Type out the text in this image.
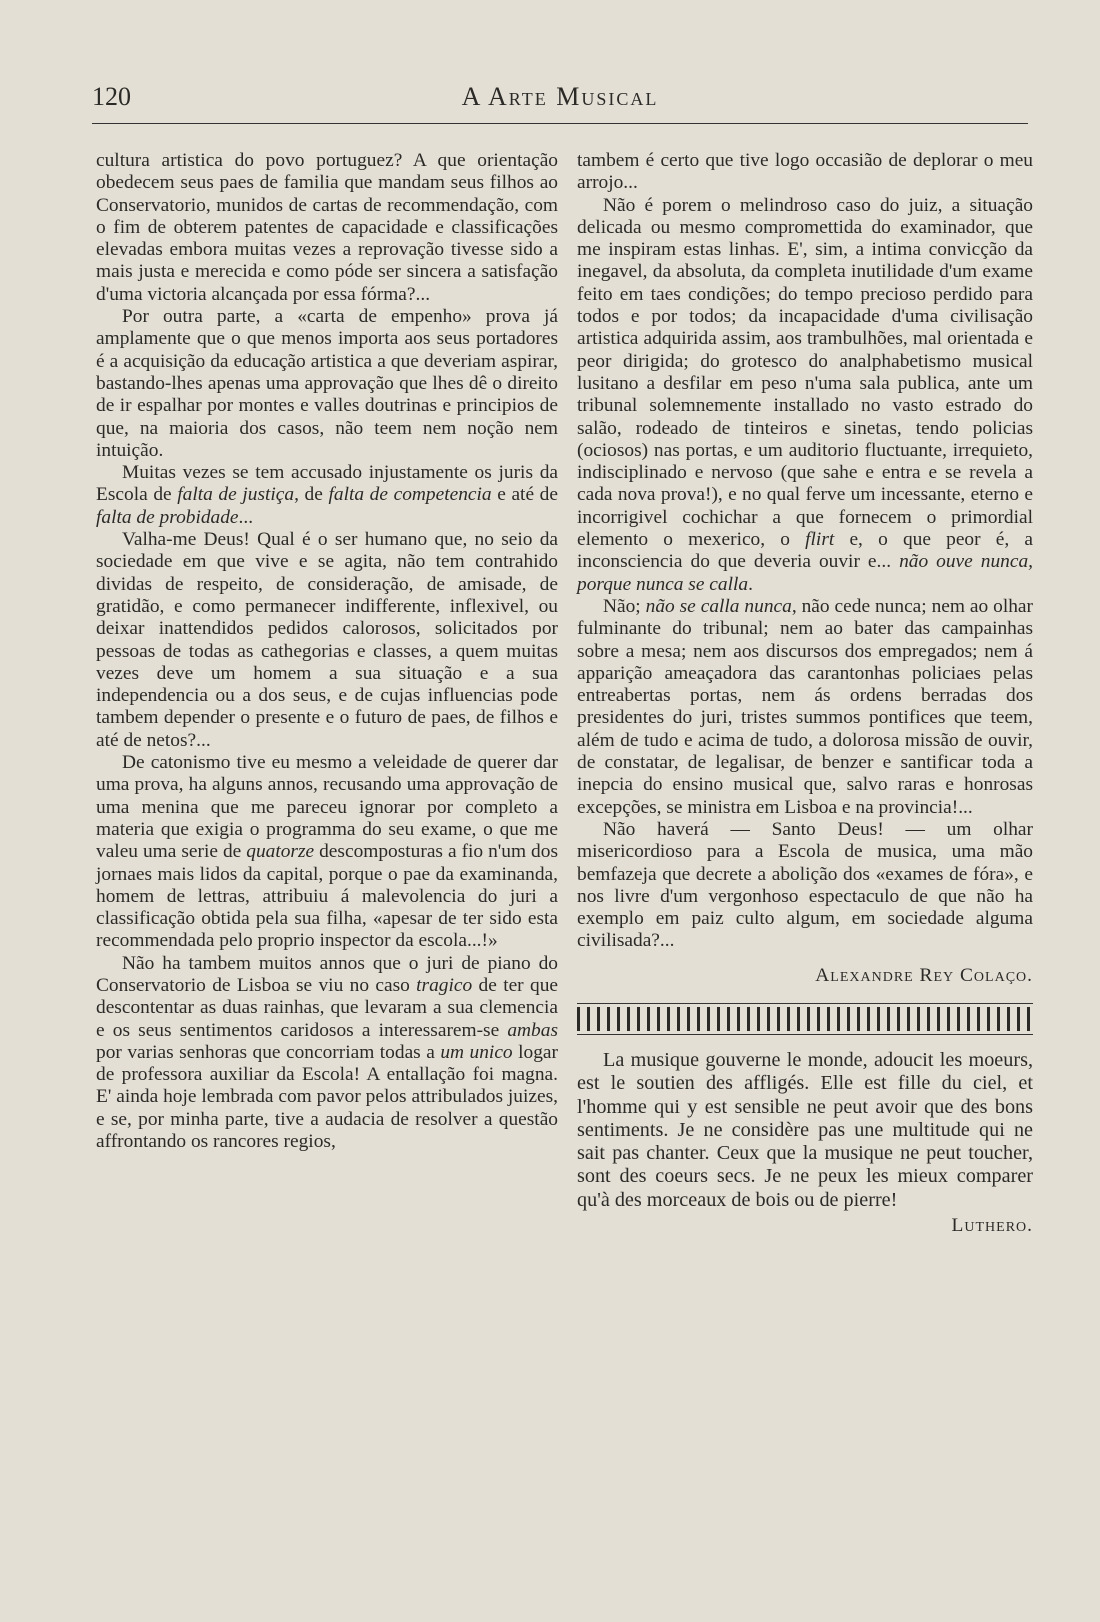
120	A Arte Musical

cultura artistica do povo portuguez? A que orientação obedecem seus paes de familia que mandam seus filhos ao Conservatorio, munidos de cartas de recommendação, com o fim de obterem patentes de capacidade e classificações elevadas embora muitas vezes a reprovação tivesse sido a mais justa e merecida e como póde ser sincera a satisfação d'uma victoria alcançada por essa fórma?...

Por outra parte, a «carta de empenho» prova já amplamente que o que menos importa aos seus portadores é a acquisição da educação artistica a que deveriam aspirar, bastando-lhes apenas uma approvação que lhes dê o direito de ir espalhar por montes e valles doutrinas e principios de que, na maioria dos casos, não teem nem noção nem intuição.

Muitas vezes se tem accusado injustamente os juris da Escola de falta de justiça, de falta de competencia e até de falta de probidade...

Valha-me Deus! Qual é o ser humano que, no seio da sociedade em que vive e se agita, não tem contrahido dividas de respeito, de consideração, de amisade, de gratidão, e como permanecer indifferente, inflexivel, ou deixar inattendidos pedidos calorosos, solicitados por pessoas de todas as cathegorias e classes, a quem muitas vezes deve um homem a sua situação e a sua independencia ou a dos seus, e de cujas influencias pode tambem depender o presente e o futuro de paes, de filhos e até de netos?...

De catonismo tive eu mesmo a veleidade de querer dar uma prova, ha alguns annos, recusando uma approvação de uma menina que me pareceu ignorar por completo a materia que exigia o programma do seu exame, o que me valeu uma serie de quatorze descomposturas a fio n'um dos jornaes mais lidos da capital, porque o pae da examinanda, homem de lettras, attribuiu á malevolencia do juri a classificação obtida pela sua filha, «apesar de ter sido esta recommendada pelo proprio inspector da escola...!»

Não ha tambem muitos annos que o juri de piano do Conservatorio de Lisboa se viu no caso tragico de ter que descontentar as duas rainhas, que levaram a sua clemencia e os seus sentimentos caridosos a interessarem-se ambas por varias senhoras que concorriam todas a um unico logar de professora auxiliar da Escola! A entallação foi magna. E' ainda hoje lembrada com pavor pelos attribulados juizes, e se, por minha parte, tive a audacia de resolver a questão affrontando os rancores regios,

tambem é certo que tive logo occasião de deplorar o meu arrojo...

Não é porem o melindroso caso do juiz, a situação delicada ou mesmo compromettida do examinador, que me inspiram estas linhas. E', sim, a intima convicção da inegavel, da absoluta, da completa inutilidade d'um exame feito em taes condições; do tempo precioso perdido para todos e por todos; da incapacidade d'uma civilisação artistica adquirida assim, aos trambulhões, mal orientada e peor dirigida; do grotesco do analphabetismo musical lusitano a desfilar em peso n'uma sala publica, ante um tribunal solemnemente installado no vasto estrado do salão, rodeado de tinteiros e sinetas, tendo policias (ociosos) nas portas, e um auditorio fluctuante, irrequieto, indisciplinado e nervoso (que sahe e entra e se revela a cada nova prova!), e no qual ferve um incessante, eterno e incorrigivel cochichar a que fornecem o primordial elemento o mexerico, o flirt e, o que peor é, a inconsciencia do que deveria ouvir e... não ouve nunca, porque nunca se calla.

Não; não se calla nunca, não cede nunca; nem ao olhar fulminante do tribunal; nem ao bater das campainhas sobre a mesa; nem aos discursos dos empregados; nem á apparição ameaçadora das carantonhas policiaes pelas entreabertas portas, nem ás ordens berradas dos presidentes do juri, tristes summos pontifices que teem, além de tudo e acima de tudo, a dolorosa missão de ouvir, de constatar, de legalisar, de benzer e santificar toda a inepcia do ensino musical que, salvo raras e honrosas excepções, se ministra em Lisboa e na provincia!...

Não haverá — Santo Deus! — um olhar misericordioso para a Escola de musica, uma mão bemfazeja que decrete a abolição dos «exames de fóra», e nos livre d'um vergonhoso espectaculo de que não ha exemplo em paiz culto algum, em sociedade alguma civilisada?...

Alexandre Rey Colaço.

La musique gouverne le monde, adoucit les moeurs, est le soutien des affligés. Elle est fille du ciel, et l'homme qui y est sensible ne peut avoir que des bons sentiments. Je ne considère pas une multitude qui ne sait pas chanter. Ceux que la musique ne peut toucher, sont des coeurs secs. Je ne peux les mieux comparer qu'à des morceaux de bois ou de pierre!

Luthero.
